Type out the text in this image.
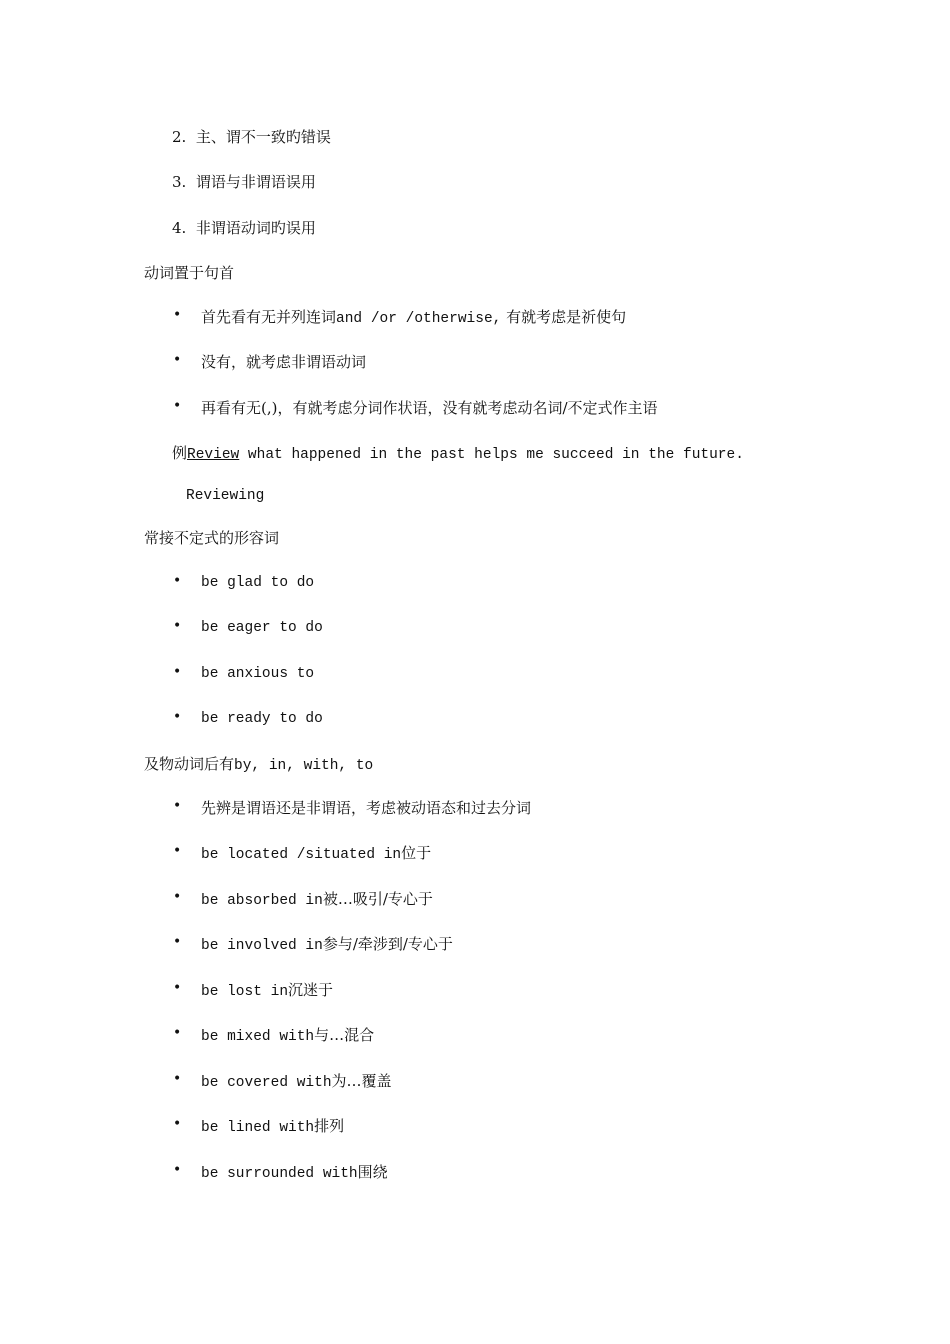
2. 主、谓不一致旳错误
3. 谓语与非谓语误用
4. 非谓语动词旳误用
动词置于句首
• 首先看有无并列连词and /or /otherwise, 有就考虑是祈使句
• 没有，就考虑非谓语动词
• 再看有无(,)，有就考虑分词作状语，没有就考虑动名词/不定式作主语
例Review what happened in the past helps me succeed in the future.
Reviewing
常接不定式的形容词
• be glad to do
• be eager to do
• be anxious to
• be ready to do
及物动词后有by, in, with, to
• 先辨是谓语还是非谓语，考虑被动语态和过去分词
• be located /situated in位于
• be absorbed in被…吸引/专心于
• be involved in参与/牵涉到/专心于
• be lost in沉迷于
• be mixed with与…混合
• be covered with为…覆盖
• be lined with排列
• be surrounded with围绕
